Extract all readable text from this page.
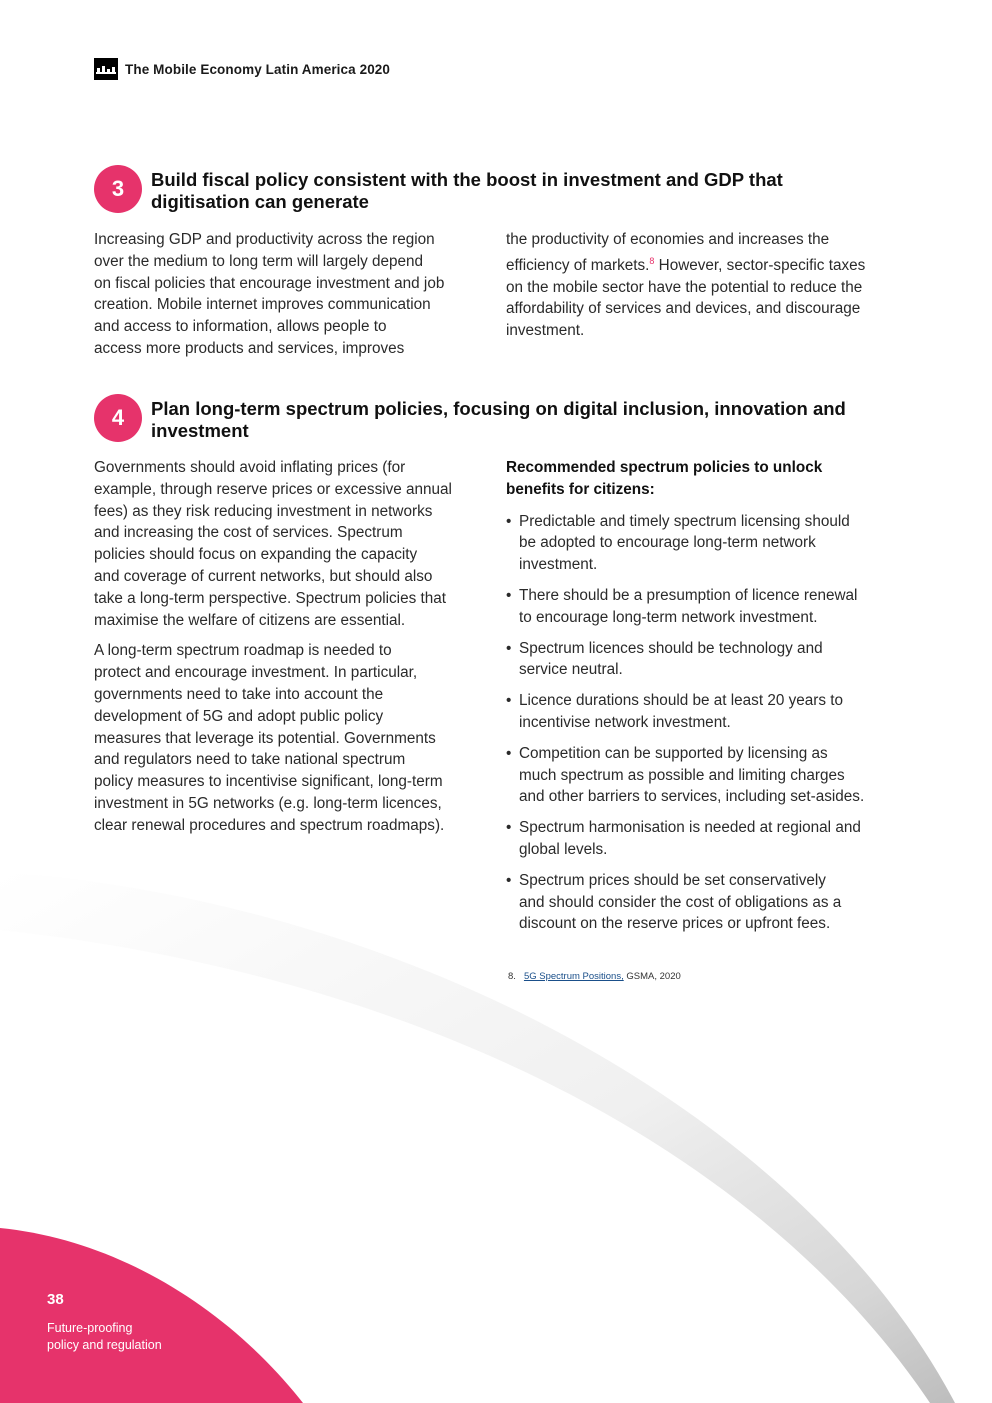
The Mobile Economy Latin America 2020
3	Build fiscal policy consistent with the boost in investment and GDP that
digitisation can generate

Increasing GDP and productivity across the region
over the medium to long term will largely depend
on fiscal policies that encourage investment and job
creation. Mobile internet improves communication
and access to information, allows people to
access more products and services, improves

the productivity of economies and increases the
efficiency of markets.$^8$ However, sector-specific taxes
on the mobile sector have the potential to reduce the
affordability of services and devices, and discourage
investment.

4	Plan long-term spectrum policies, focusing on digital inclusion, innovation and
investment

Governments should avoid inflating prices (for
example, through reserve prices or excessive annual
fees) as they risk reducing investment in networks
and increasing the cost of services. Spectrum
policies should focus on expanding the capacity
and coverage of current networks, but should also
take a long-term perspective. Spectrum policies that
maximise the welfare of citizens are essential.

A long-term spectrum roadmap is needed to
protect and encourage investment. In particular,
governments need to take into account the
development of 5G and adopt public policy
measures that leverage its potential. Governments
and regulators need to take national spectrum
policy measures to incentivise significant, long-term
investment in 5G networks (e.g. long-term licences,
clear renewal procedures and spectrum roadmaps).

Recommended spectrum policies to unlock
benefits for citizens:
• Predictable and timely spectrum licensing should
be adopted to encourage long-term network
investment.
• There should be a presumption of licence renewal
to encourage long-term network investment.
• Spectrum licences should be technology and
service neutral.
• Licence durations should be at least 20 years to
incentivise network investment.
• Competition can be supported by licensing as
much spectrum as possible and limiting charges
and other barriers to services, including set-asides.
• Spectrum harmonisation is needed at regional and
global levels.
• Spectrum prices should be set conservatively
and should consider the cost of obligations as a
discount on the reserve prices or upfront fees.
8. 5G Spectrum Positions, GSMA, 2020
38
Future-proofing
policy and regulation
